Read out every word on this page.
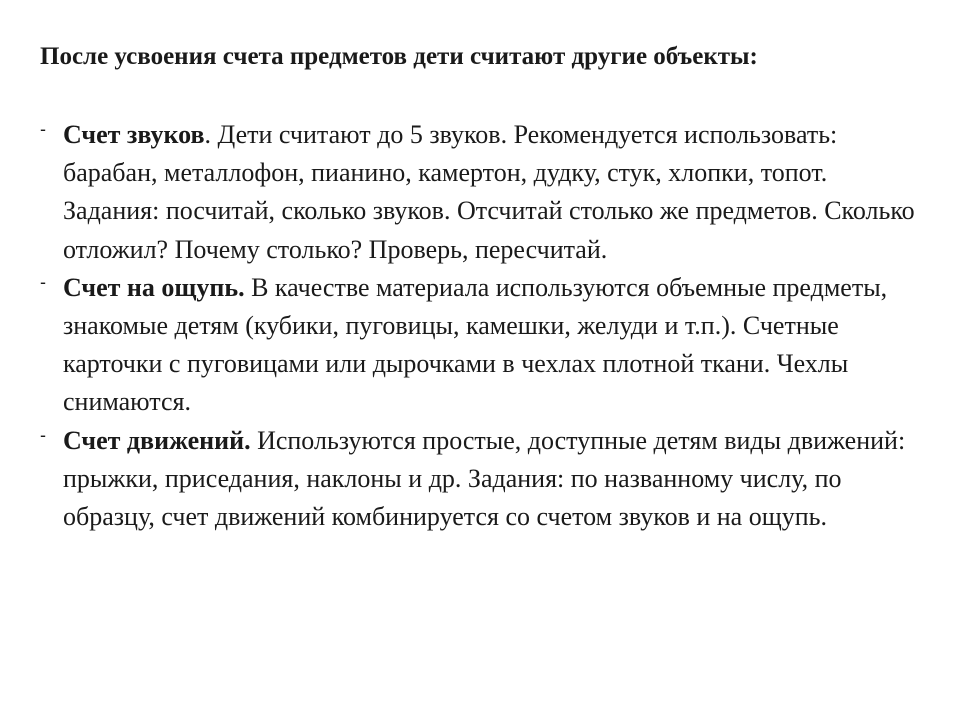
После усвоения счета предметов дети считают другие объекты:

- Счет звуков. Дети считают до 5 звуков. Рекомендуется использовать: барабан, металлофон, пианино, камертон, дудку, стук, хлопки, топот. Задания: посчитай, сколько звуков. Отсчитай столько же предметов. Сколько отложил? Почему столько? Проверь, пересчитай.
- Счет на ощупь. В качестве материала используются объемные предметы, знакомые детям (кубики, пуговицы, камешки, желуди и т.п.). Счетные карточки с пуговицами или дырочками в чехлах плотной ткани. Чехлы снимаются.
- Счет движений. Используются простые, доступные детям виды движений: прыжки, приседания, наклоны и др. Задания: по названному числу, по образцу, счет движений комбинируется со счетом звуков и на ощупь.
